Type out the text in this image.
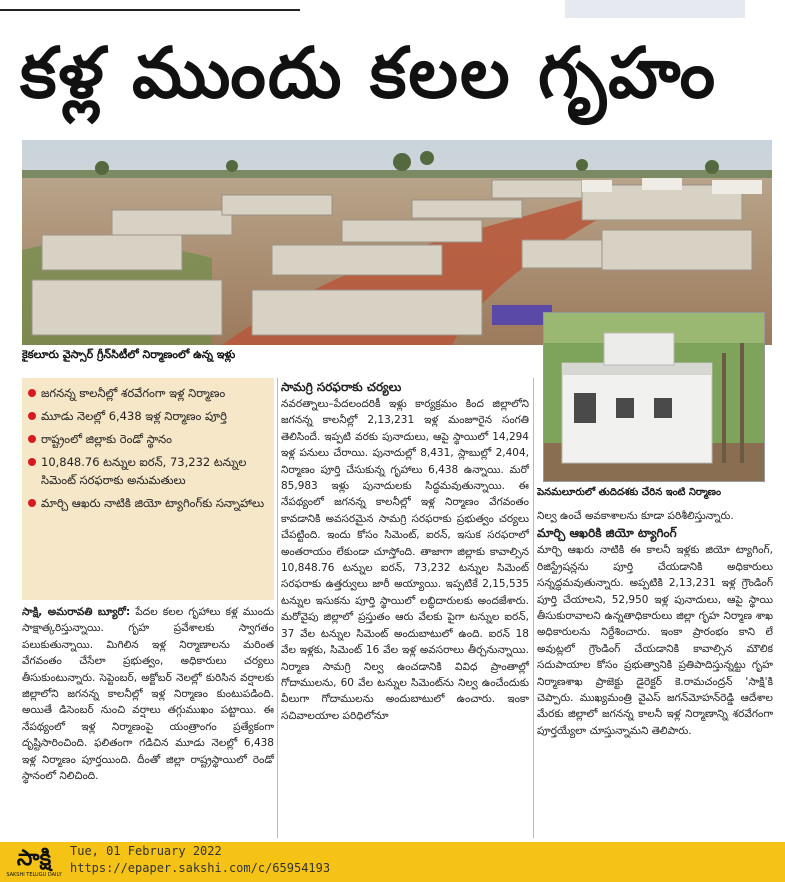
కళ్ల ముందు కలల గృహం
కైకలూరు వైస్సార్ గ్రీన్‌సిటీలో నిర్మాణంలో ఉన్న ఇళ్లు
పెనమలూరులో తుదిదశకు చేరిన ఇంటి నిర్మాణం
జగనన్న కాలనీల్లో శరవేగంగా ఇళ్ల నిర్మాణం
మూడు నెలల్లో 6,438 ఇళ్ల నిర్మాణం పూర్తి
రాష్ట్రంలో జిల్లాకు రెండో స్థానం
10,848.76 టన్నుల ఐరన్, 73,232 టన్నుల సిమెంట్ సరఫరాకు అనుమతులు
మార్చి ఆఖరు నాటికి జియో ట్యాగింగ్‌కు సన్నాహాలు

సాక్షి, అమరావతి బ్యూరో: పేదల కలల గృహాలు కళ్ల ముందు సాక్షాత్కరిస్తున్నాయి. గృహ ప్రవేశాలకు స్వాగతం పలుకుతున్నాయి. మిగిలిన ఇళ్ల నిర్మాణాలను మరింత వేగవంతం చేసేలా ప్రభుత్వం, అధికారులు చర్యలు తీసుకుంటున్నారు. సెప్టెంబర్, అక్టోబర్ నెలల్లో కురిసిన వర్షాలకు జిల్లాలోని జగనన్న కాలనీల్లో ఇళ్ల నిర్మాణం కుంటుపడింది. అయితే డిసెంబర్ నుంచి వర్షాలు తగ్గుముఖం పట్టాయి. ఈ నేపథ్యంలో ఇళ్ల నిర్మాణంపై యంత్రాంగం ప్రత్యేకంగా దృష్టిసారించింది. ఫలితంగా గడిచిన మూడు నెలల్లో 6,438 ఇళ్ల నిర్మాణం పూర్తయింది. దీంతో జిల్లా రాష్ట్రస్థాయిలో రెండో స్థానంలో నిలిచింది.

సామగ్రి సరఫరాకు చర్యలు

నవరత్నాలు–పేదలందరికీ ఇళ్లు కార్యక్రమం కింద జిల్లాలోని జగనన్న కాలనీల్లో 2,13,231 ఇళ్ల మంజూరైన సంగతి తెలిసిందే. ఇప్పటి వరకు పునాదులు, ఆపై స్థాయిలో 14,294 ఇళ్ల పనులు చేరాయి. పునాదుల్లో 8,431, స్లాబుల్లో 2,404, నిర్మాణం పూర్తి చేసుకున్న గృహాలు 6,438 ఉన్నాయి. మరో 85,983 ఇళ్లు పునాదులకు సిద్ధమవుతున్నాయి. ఈ నేపథ్యంలో జగనన్న కాలనీల్లో ఇళ్ల నిర్మాణం వేగవంతం కావడానికి అవసరమైన సామగ్రి సరఫరాకు ప్రభుత్వం చర్యలు చేపట్టింది. ఇందు కోసం సిమెంట్, ఐరన్, ఇసుక సరఫరాలో అంతరాయం లేకుండా చూస్తోంది. తాజాగా జిల్లాకు కావాల్సిన 10,848.76 టన్నుల ఐరన్, 73,232 టన్నుల సిమెంట్ సరఫరాకు ఉత్తర్వులు జారీ అయ్యాయి. ఇప్పటికే 2,15,535 టన్నుల ఇసుకను పూర్తి స్థాయిలో లబ్ధిదారులకు అందజేశారు. మరోవైపు జిల్లాలో ప్రస్తుతం ఆరు వేలకు పైగా టన్నుల ఐరన్, 37 వేల టన్నుల సిమెంట్ అందుబాటులో ఉంది. ఐరన్ 18 వేల ఇళ్లకు, సిమెంట్ 16 వేల ఇళ్ల అవసరాలు తీర్చనున్నాయి. నిర్మాణ సామగ్రి నిల్వ ఉంచడానికి వివిధ ప్రాంతాల్లో గోదాములను, 60 వేల టన్నుల సిమెంట్‌ను నిల్వ ఉంచేందుకు వీలుగా గోదాములను అందుబాటులో ఉంచారు. ఇంకా సచివాలయాల పరిధిలోనూ

నిల్వ ఉంచే అవకాశాలను కూడా పరిశీలిస్తున్నారు.

మార్చి ఆఖరికి జియో ట్యాగింగ్

మార్చి ఆఖరు నాటికి ఈ కాలనీ ఇళ్లకు జియో ట్యాగింగ్, రిజిస్ట్రేషన్లను పూర్తి చేయడానికి అధికారులు సన్నద్ధమవుతున్నారు. అప్పటికి 2,13,231 ఇళ్ల గ్రౌండింగ్ పూర్తి చేయాలని, 52,950 ఇళ్ల పునాదులు, ఆపై స్థాయి తీసుకురావాలని ఉన్నతాధికారులు జిల్లా గృహ నిర్మాణ శాఖ అధికారులను నిర్దేశించారు. ఇంకా ప్రారంభం కాని లే అవుట్లలో గ్రౌండింగ్ చేయడానికి కావాల్సిన మౌలిక సదుపాయాల కోసం ప్రభుత్వానికి ప్రతిపాదిస్తున్నట్టు గృహ నిర్మాణశాఖ ప్రాజెక్టు డైరెక్టర్ కె.రామచంద్రన్ 'సాక్షి'కి చెప్పారు. ముఖ్యమంత్రి వైఎస్ జగన్‌మోహన్‌రెడ్డి ఆదేశాల మేరకు జిల్లాలో జగనన్న కాలనీ ఇళ్ల నిర్మాణాన్ని శరవేగంగా పూర్తయ్యేలా చూస్తున్నామని తెలిపారు.

సాక్షి
SAKSHI TELUGU DAILY
Tue, 01 February 2022
https://epaper.sakshi.com/c/65954193
